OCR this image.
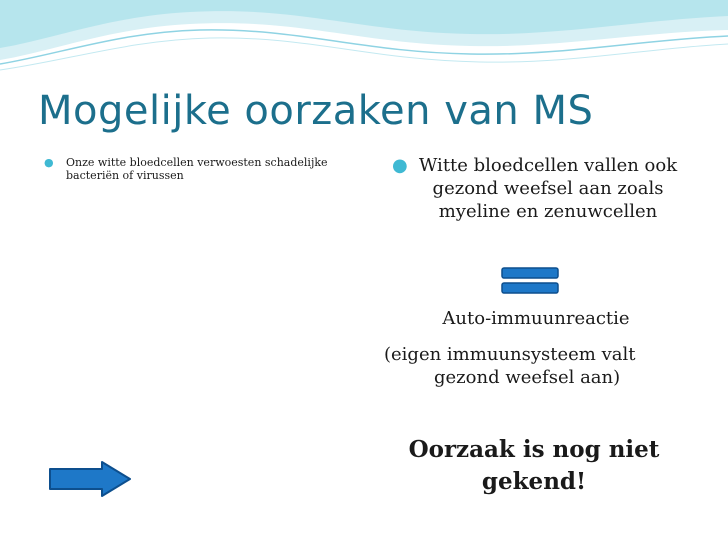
Mogelijke oorzaken van MS
● Onze witte bloedcellen verwoesten schadelijke bacteriën of virussen	● Witte bloedcellen vallen ook gezond weefsel aan zoals myeline en zenuwcellen
Auto-immuunreactie
(eigen immuunsysteem valt
gezond weefsel aan)
Oorzaak is nog niet gekend!
